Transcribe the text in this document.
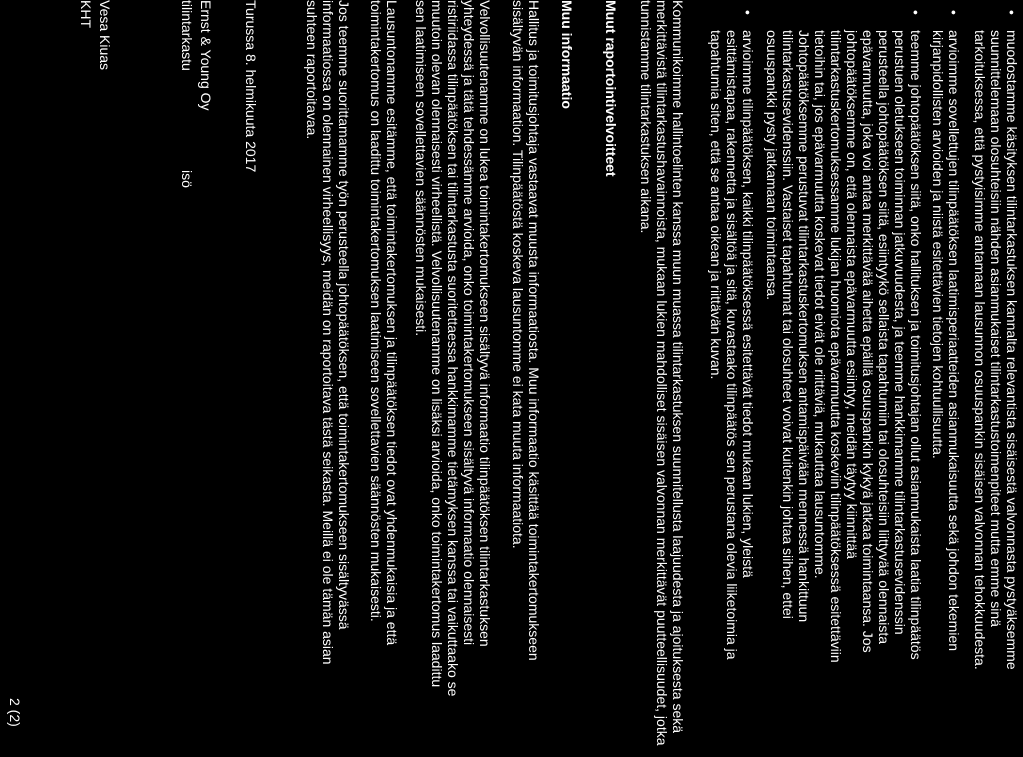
•
muodostamme käsityksen tilintarkastuksen kannalta relevantista sisäisestä valvonnasta pystyäksemme
suunnittelemaan olosuhteisiin nähden asianmukaiset tilintarkastustoimenpiteet mutta emme sinä
tarkoituksessa, että pystyisimme antamaan lausunnon osuuspankin sisäisen valvonnan tehokkuudesta.
•
arvioimme sovellettujen tilinpäätöksen laatimisperiaatteiden asianmukaisuutta sekä johdon tekemien
kirjanpidollisten arvioiden ja niistä esitettävien tietojen kohtuullisuutta.
•
teemme johtopäätöksen siitä, onko hallituksen ja toimitusjohtajan ollut asianmukaista laatia tilinpäätös
perustuen oletukseen toiminnan jatkuvuudesta, ja teemme hankkimamme tilintarkastusevidenssin
perusteella johtopäätöksen siitä, esiintyykö sellaista tapahtumiin tai olosuhteisiin liittyvää olennaista
epävarmuutta, joka voi antaa merkittävää aihetta epäillä osuuspankin kykyä jatkaa toimintaansa. Jos
johtopäätöksemme on, että olennaista epävarmuutta esiintyy, meidän täytyy kiinnittää
tilintarkastuskertomuksessamme lukijan huomiota epävarmuutta koskeviin tilinpäätöksessä esitettäviin
tietoihin tai, jos epävarmuutta koskevat tiedot eivät ole riittäviä, mukauttaa lausuntomme.
Johtopäätöksemme perustuvat tilintarkastuskertomuksen antamispäivään mennessä hankittuun
tilintarkastusevidenssiin. Vastaiset tapahtumat tai olosuhteet voivat kuitenkin johtaa siihen, ettei
osuuspankki pysty jatkamaan toimintaansa.
•
arvioimme tilinpäätöksen, kaikki tilinpäätöksessä esitettävät tiedot mukaan lukien, yleistä
esittämistapaa, rakennetta ja sisältöä ja sitä, kuvastaako tilinpäätös sen perustana olevia liiketoimia ja
tapahtumia siten, että se antaa oikean ja riittävän kuvan.
Kommunikoimme hallintoelinten kanssa muun muassa tilintarkastuksen suunnitellusta laajuudesta ja ajoituksesta sekä
merkittävistä tilintarkastushavainnoista, mukaan lukien mahdolliset sisäisen valvonnan merkittävät puutteellisuudet, jotka
tunnistamme tilintarkastuksen aikana.
Muut raportointivelvoitteet
Muu informaatio
Hallitus ja toimitusjohtaja vastaavat muusta informaatiosta. Muu informaatio käsittää toimintakertomukseen
sisältyvän informaation. Tilinpäätöstä koskeva lausuntomme ei kata muuta informaatiota.
Velvollisuutenamme on lukea toimintakertomukseen sisältyvä informaatio tilinpäätöksen tilintarkastuksen
yhteydessä ja tätä tehdessämme arvioida, onko toimintakertomukseen sisältyvä informaatio olennaisesti
ristiriidassa tilinpäätöksen tai tilintarkastusta suoritettaessa hankkimamme tietämyksen kanssa tai vaikuttaako se
muutoin olevan olennaisesti virheellistä. Velvollisuutenamme on lisäksi arvioida, onko toimintakertomus laadittu
sen laatimiseen sovellettavien säännösten mukaisesti.
Lausuntonamme esitämme, että toimintakertomuksen ja tilinpäätöksen tiedot ovat yhdenmukaisia ja että
toimintakertomus on laadittu toimintakertomuksen laatimiseen sovellettavien säännösten mukaisesti.
Jos teemme suorittamamme työn perusteella johtopäätöksen, että toimintakertomukseen sisältyvässä
informaatiossa on olennainen virheellisyys, meidän on raportoitava tästä seikasta. Meillä ei ole tämän asian
suhteen raportoitavaa.
Turussa 8. helmikuuta 2017
Ernst & Young Oy
tilintarkastu
isö
Vesa Kiuas
KHT
2 (2)
